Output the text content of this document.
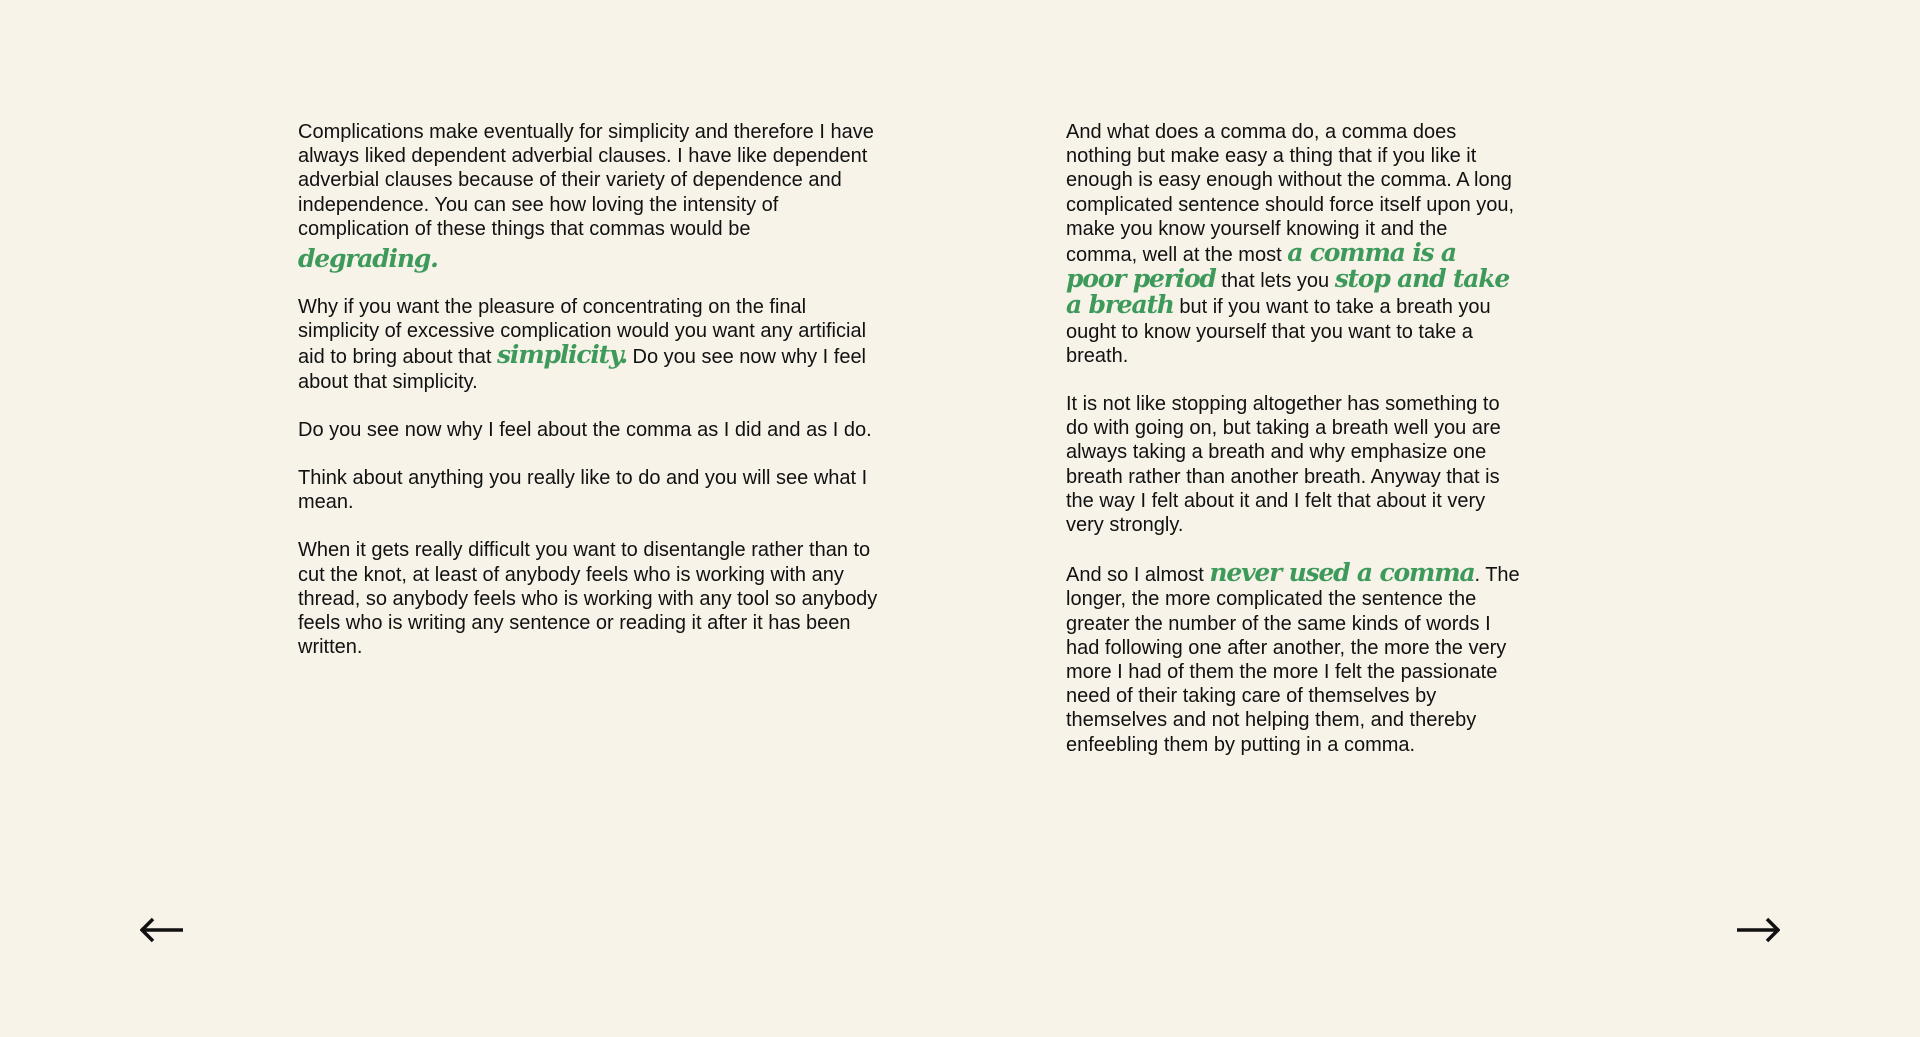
Complications make eventually for simplicity and therefore I have always liked dependent adverbial clauses. I have like dependent adverbial clauses because of their variety of dependence and independence. You can see how loving the intensity of complication of these things that commas would be
degrading.

Why if you want the pleasure of concentrating on the final simplicity of excessive complication would you want any artificial aid to bring about that simplicity. Do you see now why I feel about that simplicity.

Do you see now why I feel about the comma as I did and as I do.

Think about anything you really like to do and you will see what I mean.

When it gets really difficult you want to disentangle rather than to cut the knot, at least of anybody feels who is working with any thread, so anybody feels who is working with any tool so anybody feels who is writing any sentence or reading it after it has been written.

And what does a comma do, a comma does nothing but make easy a thing that if you like it enough is easy enough without the comma. A long complicated sentence should force itself upon you, make you know yourself knowing it and the comma, well at the most a comma is a poor period that lets you stop and take a breath but if you want to take a breath you ought to know yourself that you want to take a breath.

It is not like stopping altogether has something to do with going on, but taking a breath well you are always taking a breath and why emphasize one breath rather than another breath. Anyway that is the way I felt about it and I felt that about it very very strongly.

And so I almost never used a comma. The longer, the more complicated the sentence the greater the number of the same kinds of words I had following one after another, the more the very more I had of them the more I felt the passionate need of their taking care of themselves by themselves and not helping them, and thereby enfeebling them by putting in a comma.
